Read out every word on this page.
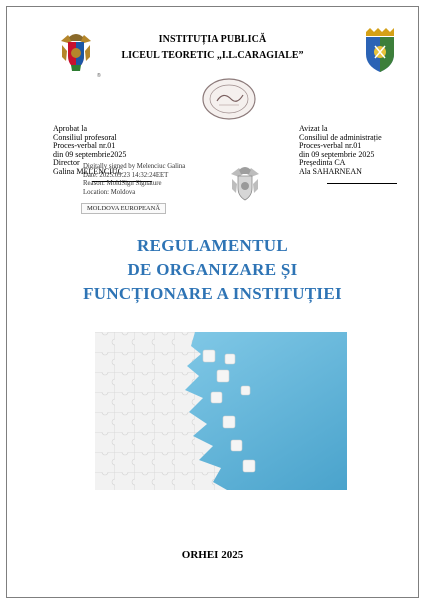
®
INSTITUȚIA PUBLICĂ
LICEUL TEORETIC „I.L.CARAGIALE”
Aprobat la
Consiliul profesoral
Proces-verbal nr.01
din 09 septembrie2025
Director
Galina MELENCIUC
Avizat la
Consiliul de administrație
Proces-verbal nr.01
din 09 septembrie 2025
Președinta CA
Ala SAHARNEAN
Digitally signed by Melenciuc Galina
Date: 2025.09.23 14:32:24EET
Reason: MoldSign Signature
Location: Moldova
MOLDOVA EUROPEANĂ
REGULAMENTUL
DE ORGANIZARE ȘI
FUNCȚIONARE A INSTITUȚIEI
ORHEI 2025
